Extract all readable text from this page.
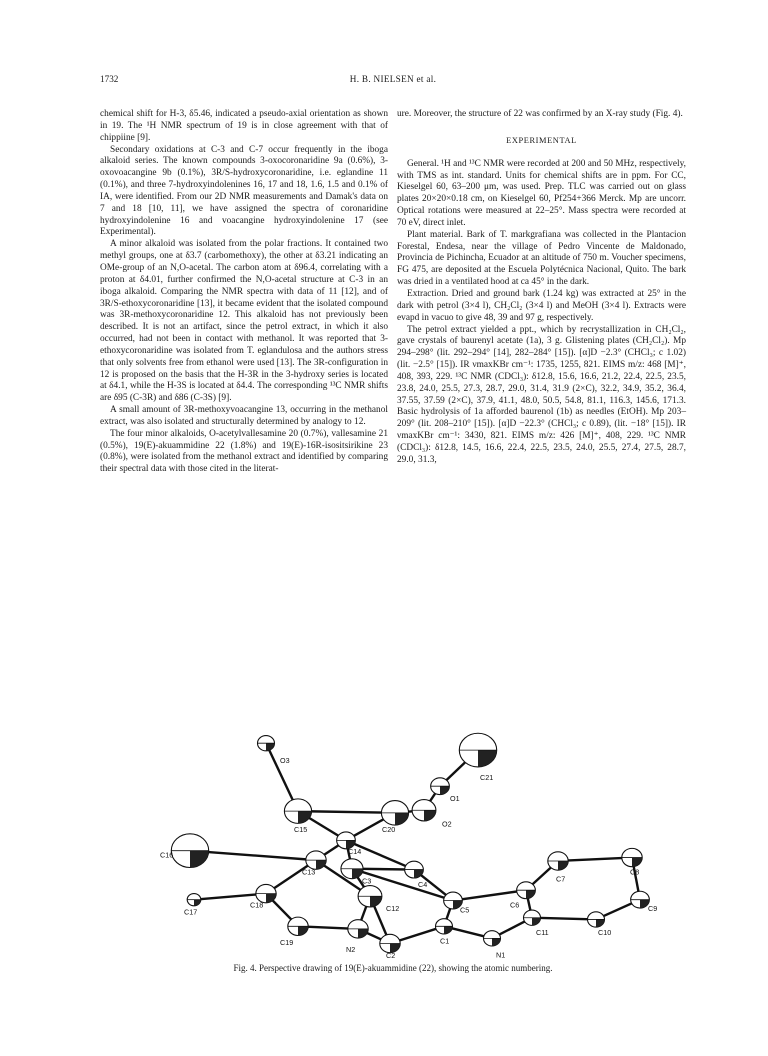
1732	H. B. NIELSEN et al.

chemical shift for H-3, δ5.46, indicated a pseudo-axial orientation as shown in 19. The ¹H NMR spectrum of 19 is in close agreement with that of chippiine [9].

Secondary oxidations at C-3 and C-7 occur frequently in the iboga alkaloid series. The known compounds 3-oxocoronaridine 9a (0.6%), 3-oxovoacangine 9b (0.1%), 3R/S-hydroxycoronaridine, i.e. eglandine 11 (0.1%), and three 7-hydroxyindolenines 16, 17 and 18, 1.6, 1.5 and 0.1% of IA, were identified. From our 2D NMR measurements and Damak's data on 7 and 18 [10, 11], we have assigned the spectra of coronaridine hydroxyindolenine 16 and voacangine hydroxyindolenine 17 (see Experimental).

A minor alkaloid was isolated from the polar fractions. It contained two methyl groups, one at δ3.7 (carbomethoxy), the other at δ3.21 indicating an OMe-group of an N,O-acetal. The carbon atom at δ96.4, correlating with a proton at δ4.01, further confirmed the N,O-acetal structure at C-3 in an iboga alkaloid. Comparing the NMR spectra with data of 11 [12], and of 3R/S-ethoxycoronaridine [13], it became evident that the isolated compound was 3R-methoxycoronaridine 12. This alkaloid has not previously been described. It is not an artifact, since the petrol extract, in which it also occurred, had not been in contact with methanol. It was reported that 3-ethoxycoronaridine was isolated from T. eglandulosa and the authors stress that only solvents free from ethanol were used [13]. The 3R-configuration in 12 is proposed on the basis that the H-3R in the 3-hydroxy series is located at δ4.1, while the H-3S is located at δ4.4. The corresponding ¹³C NMR shifts are δ95 (C-3R) and δ86 (C-3S) [9].

A small amount of 3R-methoxyvoacangine 13, occurring in the methanol extract, was also isolated and structurally determined by analogy to 12.

The four minor alkaloids, O-acetylvallesamine 20 (0.7%), vallesamine 21 (0.5%), 19(E)-akuammidine 22 (1.8%) and 19(E)-16R-isositsirikine 23 (0.8%), were isolated from the methanol extract and identified by comparing their spectral data with those cited in the literat-

ure. Moreover, the structure of 22 was confirmed by an X-ray study (Fig. 4).

EXPERIMENTAL

General. ¹H and ¹³C NMR were recorded at 200 and 50 MHz, respectively, with TMS as int. standard. Units for chemical shifts are in ppm. For CC, Kieselgel 60, 63–200 μm, was used. Prep. TLC was carried out on glass plates 20×20×0.18 cm, on Kieselgel 60, Pf254+366 Merck. Mp are uncorr. Optical rotations were measured at 22–25°. Mass spectra were recorded at 70 eV, direct inlet.

Plant material. Bark of T. markgrafiana was collected in the Plantacion Forestal, Endesa, near the village of Pedro Vincente de Maldonado, Provincia de Pichincha, Ecuador at an altitude of 750 m. Voucher specimens, FG 475, are deposited at the Escuela Polytécnica Nacional, Quito. The bark was dried in a ventilated hood at ca 45° in the dark.

Extraction. Dried and ground bark (1.24 kg) was extracted at 25° in the dark with petrol (3×4 l), CH₂Cl₂ (3×4 l) and MeOH (3×4 l). Extracts were evapd in vacuo to give 48, 39 and 97 g, respectively.

The petrol extract yielded a ppt., which by recrystallization in CH₂Cl₂, gave crystals of baurenyl acetate (1a), 3 g. Glistening plates (CH₂Cl₂). Mp 294–298° (lit. 292–294° [14], 282–284° [15]). [α]D −2.3° (CHCl₃; c 1.02) (lit. −2.5° [15]). IR νmaxKBr cm⁻¹: 1735, 1255, 821. EIMS m/z: 468 [M]⁺, 408, 393, 229. ¹³C NMR (CDCl₃): δ12.8, 15.6, 16.6, 21.2, 22.4, 22.5, 23.5, 23.8, 24.0, 25.5, 27.3, 28.7, 29.0, 31.4, 31.9 (2×C), 32.2, 34.9, 35.2, 36.4, 37.55, 37.59 (2×C), 37.9, 41.1, 48.0, 50.5, 54.8, 81.1, 116.3, 145.6, 171.3. Basic hydrolysis of 1a afforded baurenol (1b) as needles (EtOH). Mp 203–209° (lit. 208–210° [15]). [α]D −22.3° (CHCl₃; c 0.89), (lit. −18° [15]). IR νmaxKBr cm⁻¹: 3430, 821. EIMS m/z: 426 [M]⁺, 408, 229. ¹³C NMR (CDCl₃): δ12.8, 14.5, 16.6, 22.4, 22.5, 23.5, 24.0, 25.5, 27.4, 27.5, 28.7, 29.0, 31.3,

O3
C21
O1
O2
C15	C20
C14
C16
C13
C3	C4
C7
C8
C6	C9
C12	C5
C17
C18
C11	C10
N2
C1
C19
C2	N1
Fig. 4. Perspective drawing of 19(E)-akuammidine (22), showing the atomic numbering.
